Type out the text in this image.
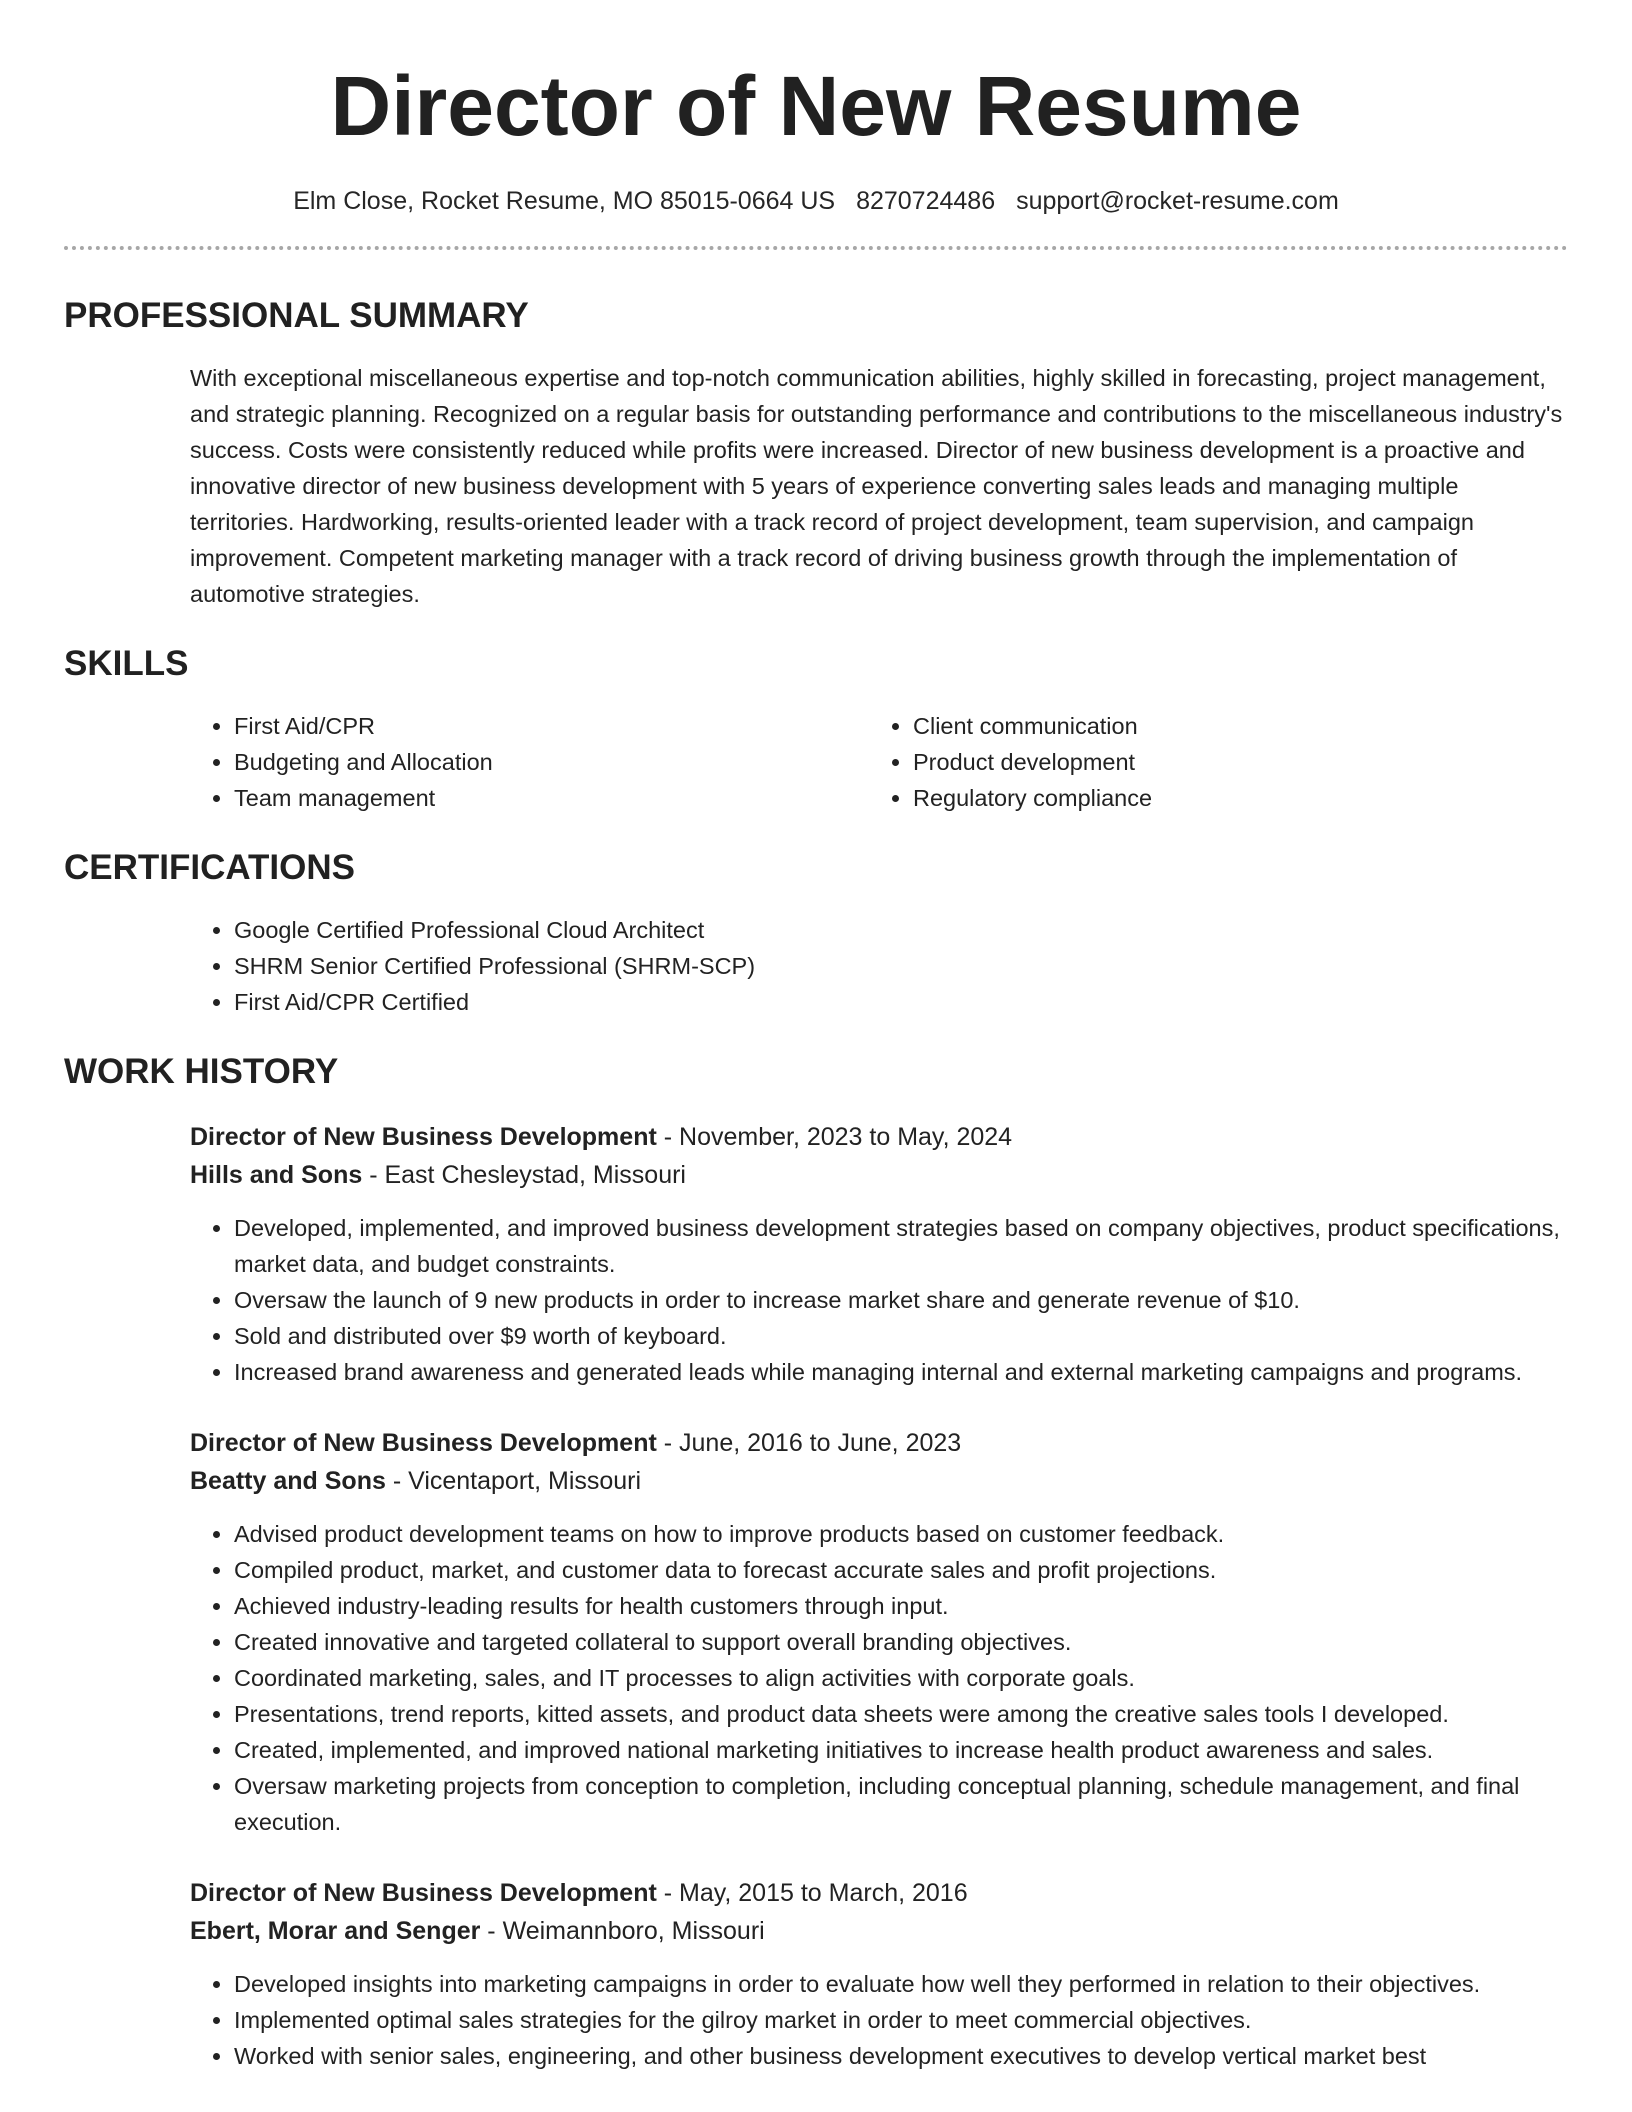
Director of New Resume
Elm Close, Rocket Resume, MO 85015-0664 US 8270724486 support@rocket-resume.com
PROFESSIONAL SUMMARY

With exceptional miscellaneous expertise and top-notch communication abilities, highly skilled in forecasting, project management, and strategic planning. Recognized on a regular basis for outstanding performance and contributions to the miscellaneous industry's success. Costs were consistently reduced while profits were increased. Director of new business development is a proactive and innovative director of new business development with 5 years of experience converting sales leads and managing multiple territories. Hardworking, results-oriented leader with a track record of project development, team supervision, and campaign improvement. Competent marketing manager with a track record of driving business growth through the implementation of automotive strategies.

SKILLS
• First Aid/CPR
• Budgeting and Allocation
• Team management
• Client communication
• Product development
• Regulatory compliance
CERTIFICATIONS
• Google Certified Professional Cloud Architect
• SHRM Senior Certified Professional (SHRM-SCP)
• First Aid/CPR Certified
WORK HISTORY
Director of New Business Development - November, 2023 to May, 2024
Hills and Sons - East Chesleystad, Missouri
• Developed, implemented, and improved business development strategies based on company objectives, product specifications, market data, and budget constraints.
• Oversaw the launch of 9 new products in order to increase market share and generate revenue of $10.
• Sold and distributed over $9 worth of keyboard.
• Increased brand awareness and generated leads while managing internal and external marketing campaigns and programs.
Director of New Business Development - June, 2016 to June, 2023
Beatty and Sons - Vicentaport, Missouri
• Advised product development teams on how to improve products based on customer feedback.
• Compiled product, market, and customer data to forecast accurate sales and profit projections.
• Achieved industry-leading results for health customers through input.
• Created innovative and targeted collateral to support overall branding objectives.
• Coordinated marketing, sales, and IT processes to align activities with corporate goals.
• Presentations, trend reports, kitted assets, and product data sheets were among the creative sales tools I developed.
• Created, implemented, and improved national marketing initiatives to increase health product awareness and sales.
• Oversaw marketing projects from conception to completion, including conceptual planning, schedule management, and final execution.
Director of New Business Development - May, 2015 to March, 2016
Ebert, Morar and Senger - Weimannboro, Missouri
• Developed insights into marketing campaigns in order to evaluate how well they performed in relation to their objectives.
• Implemented optimal sales strategies for the gilroy market in order to meet commercial objectives.
• Worked with senior sales, engineering, and other business development executives to develop vertical market best
